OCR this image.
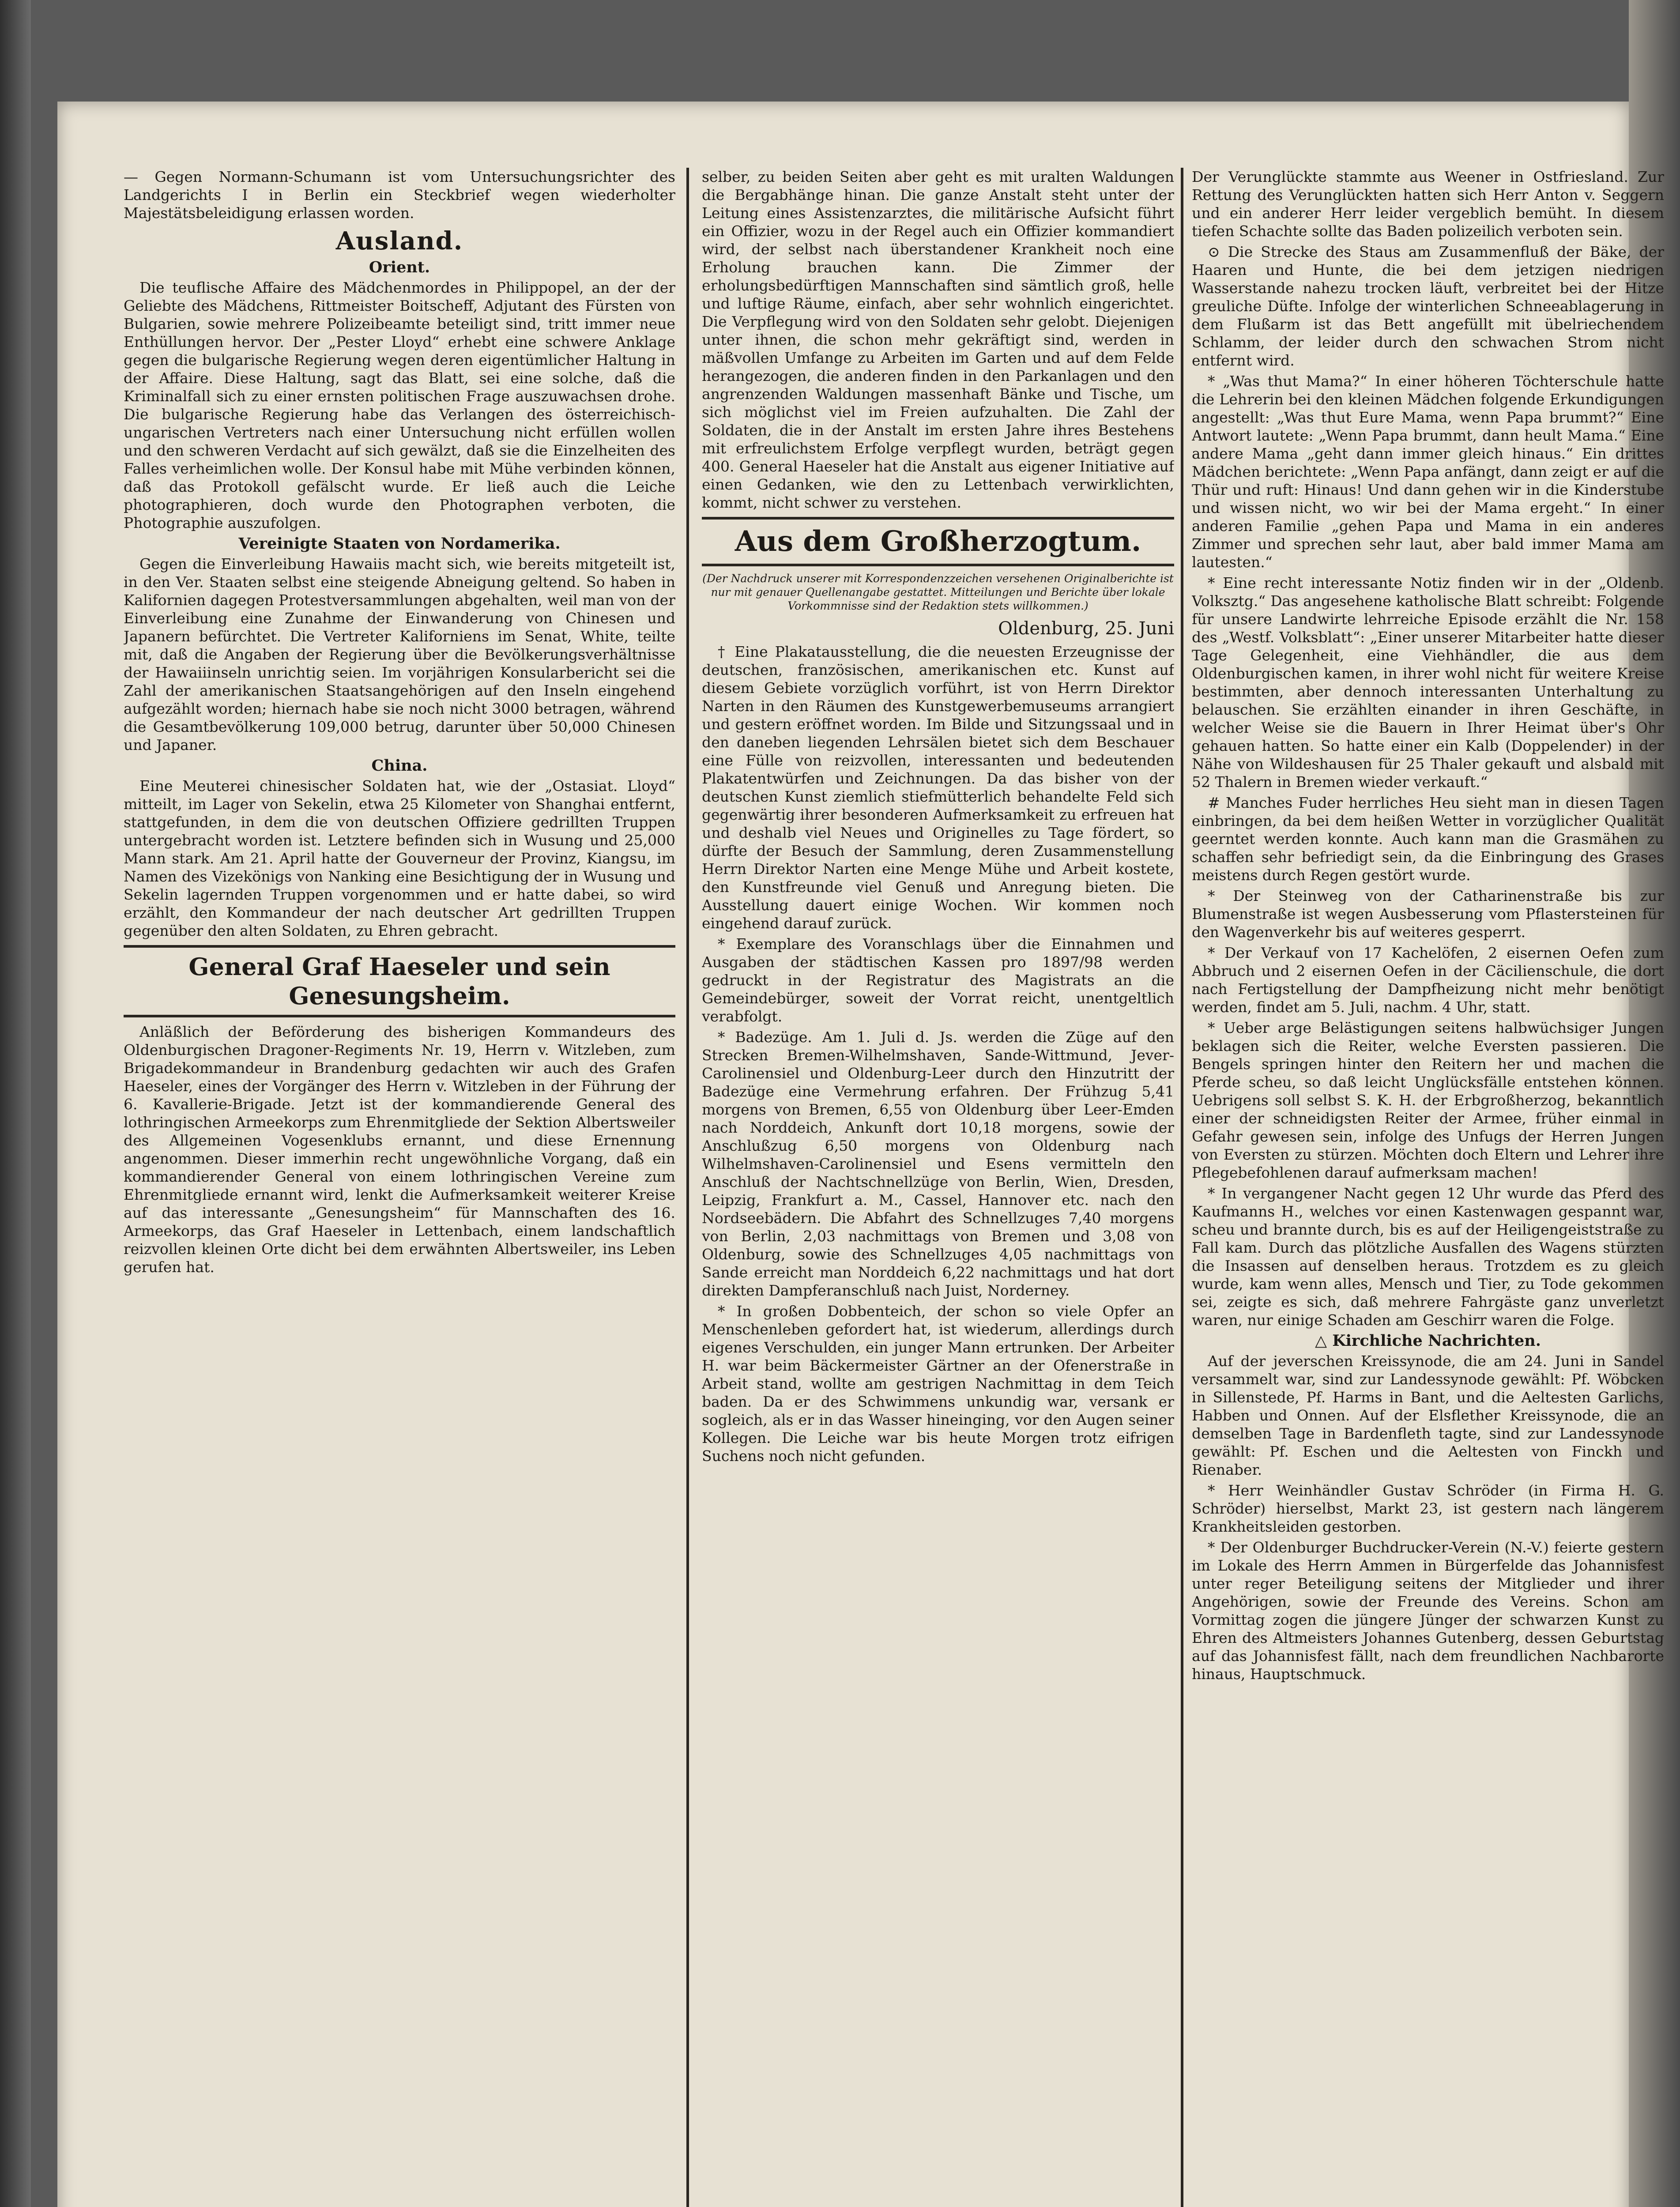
— Gegen Normann-Schumann ist vom Untersuchungsrichter des Landgerichts I in Berlin ein Steckbrief wegen wiederholter Majestätsbeleidigung erlassen worden.

Ausland.
Orient.

Die teuflische Affaire des Mädchenmordes in Philippopel, an der der Geliebte des Mädchens, Rittmeister Boitscheff, Adjutant des Fürsten von Bulgarien, sowie mehrere Polizeibeamte beteiligt sind, tritt immer neue Enthüllungen hervor. Der „Pester Lloyd“ erhebt eine schwere Anklage gegen die bulgarische Regierung wegen deren eigentümlicher Haltung in der Affaire. Diese Haltung, sagt das Blatt, sei eine solche, daß die Kriminalfall sich zu einer ernsten politischen Frage auszuwachsen drohe. Die bulgarische Regierung habe das Verlangen des österreichisch-ungarischen Vertreters nach einer Untersuchung nicht erfüllen wollen und den schweren Verdacht auf sich gewälzt, daß sie die Einzelheiten des Falles verheimlichen wolle. Der Konsul habe mit Mühe verbinden können, daß das Protokoll gefälscht wurde. Er ließ auch die Leiche photographieren, doch wurde den Photographen verboten, die Photographie auszufolgen.

Vereinigte Staaten von Nordamerika.

Gegen die Einverleibung Hawaiis macht sich, wie bereits mitgeteilt ist, in den Ver. Staaten selbst eine steigende Abneigung geltend. So haben in Kalifornien dagegen Protestversammlungen abgehalten, weil man von der Einverleibung eine Zunahme der Einwanderung von Chinesen und Japanern befürchtet. Die Vertreter Kaliforniens im Senat, White, teilte mit, daß die Angaben der Regierung über die Bevölkerungsverhältnisse der Hawaiiinseln unrichtig seien. Im vorjährigen Konsularbericht sei die Zahl der amerikanischen Staatsangehörigen auf den Inseln eingehend aufgezählt worden; hiernach habe sie noch nicht 3000 betragen, während die Gesamtbevölkerung 109,000 betrug, darunter über 50,000 Chinesen und Japaner.

China.

Eine Meuterei chinesischer Soldaten hat, wie der „Ostasiat. Lloyd“ mitteilt, im Lager von Sekelin, etwa 25 Kilometer von Shanghai entfernt, stattgefunden, in dem die von deutschen Offiziere gedrillten Truppen untergebracht worden ist. Letztere befinden sich in Wusung und 25,000 Mann stark. Am 21. April hatte der Gouverneur der Provinz, Kiangsu, im Namen des Vizekönigs von Nanking eine Besichtigung der in Wusung und Sekelin lagernden Truppen vorgenommen und er hatte dabei, so wird erzählt, den Kommandeur der nach deutscher Art gedrillten Truppen gegenüber den alten Soldaten, zu Ehren gebracht.

General Graf Haeseler und sein Genesungsheim.

Anläßlich der Beförderung des bisherigen Kommandeurs des Oldenburgischen Dragoner-Regiments Nr. 19, Herrn v. Witzleben, zum Brigadekommandeur in Brandenburg gedachten wir auch des Grafen Haeseler, eines der Vorgänger des Herrn v. Witzleben in der Führung der 6. Kavallerie-Brigade. Jetzt ist der kommandierende General des lothringischen Armeekorps zum Ehrenmitgliede der Sektion Albertsweiler des Allgemeinen Vogesenklubs ernannt, und diese Ernennung angenommen. Dieser immerhin recht ungewöhnliche Vorgang, daß ein kommandierender General von einem lothringischen Vereine zum Ehrenmitgliede ernannt wird, lenkt die Aufmerksamkeit weiterer Kreise auf das interessante „Genesungsheim“ für Mannschaften des 16. Armeekorps, das Graf Haeseler in Lettenbach, einem landschaftlich reizvollen kleinen Orte dicht bei dem erwähnten Albertsweiler, ins Leben gerufen hat.

selber, zu beiden Seiten aber geht es mit uralten Waldungen die Bergabhänge hinan. Die ganze Anstalt steht unter der Leitung eines Assistenzarztes, die militärische Aufsicht führt ein Offizier, wozu in der Regel auch ein Offizier kommandiert wird, der selbst nach überstandener Krankheit noch eine Erholung brauchen kann. Die Zimmer der erholungsbedürftigen Mannschaften sind sämtlich groß, helle und luftige Räume, einfach, aber sehr wohnlich eingerichtet. Die Verpflegung wird von den Soldaten sehr gelobt. Diejenigen unter ihnen, die schon mehr gekräftigt sind, werden in mäßvollen Umfange zu Arbeiten im Garten und auf dem Felde herangezogen, die anderen finden in den Parkanlagen und den angrenzenden Waldungen massenhaft Bänke und Tische, um sich möglichst viel im Freien aufzuhalten. Die Zahl der Soldaten, die in der Anstalt im ersten Jahre ihres Bestehens mit erfreulichstem Erfolge verpflegt wurden, beträgt gegen 400. General Haeseler hat die Anstalt aus eigener Initiative auf einen Gedanken, wie den zu Lettenbach verwirklichten, kommt, nicht schwer zu verstehen.

Aus dem Großherzogtum.
(Der Nachdruck unserer mit Korrespondenzzeichen versehenen Originalberichte ist nur mit genauer Quellenangabe gestattet. Mitteilungen und Berichte über lokale Vorkommnisse sind der Redaktion stets willkommen.)
Oldenburg, 25. Juni

† Eine Plakatausstellung, die die neuesten Erzeugnisse der deutschen, französischen, amerikanischen etc. Kunst auf diesem Gebiete vorzüglich vorführt, ist von Herrn Direktor Narten in den Räumen des Kunstgewerbemuseums arrangiert und gestern eröffnet worden. Im Bilde und Sitzungssaal und in den daneben liegenden Lehrsälen bietet sich dem Beschauer eine Fülle von reizvollen, interessanten und bedeutenden Plakatentwürfen und Zeichnungen. Da das bisher von der deutschen Kunst ziemlich stiefmütterlich behandelte Feld sich gegenwärtig ihrer besonderen Aufmerksamkeit zu erfreuen hat und deshalb viel Neues und Originelles zu Tage fördert, so dürfte der Besuch der Sammlung, deren Zusammenstellung Herrn Direktor Narten eine Menge Mühe und Arbeit kostete, den Kunstfreunde viel Genuß und Anregung bieten. Die Ausstellung dauert einige Wochen. Wir kommen noch eingehend darauf zurück.

* Exemplare des Voranschlags über die Einnahmen und Ausgaben der städtischen Kassen pro 1897/98 werden gedruckt in der Registratur des Magistrats an die Gemeindebürger, soweit der Vorrat reicht, unentgeltlich verabfolgt.

* Badezüge. Am 1. Juli d. Js. werden die Züge auf den Strecken Bremen-Wilhelmshaven, Sande-Wittmund, Jever-Carolinensiel und Oldenburg-Leer durch den Hinzutritt der Badezüge eine Vermehrung erfahren. Der Frühzug 5,41 morgens von Bremen, 6,55 von Oldenburg über Leer-Emden nach Norddeich, Ankunft dort 10,18 morgens, sowie der Anschlußzug 6,50 morgens von Oldenburg nach Wilhelmshaven-Carolinensiel und Esens vermitteln den Anschluß der Nachtschnellzüge von Berlin, Wien, Dresden, Leipzig, Frankfurt a. M., Cassel, Hannover etc. nach den Nordseebädern. Die Abfahrt des Schnellzuges 7,40 morgens von Berlin, 2,03 nachmittags von Bremen und 3,08 von Oldenburg, sowie des Schnellzuges 4,05 nachmittags von Sande erreicht man Norddeich 6,22 nachmittags und hat dort direkten Dampferanschluß nach Juist, Norderney.

* In großen Dobbenteich, der schon so viele Opfer an Menschenleben gefordert hat, ist wiederum, allerdings durch eigenes Verschulden, ein junger Mann ertrunken. Der Arbeiter H. war beim Bäckermeister Gärtner an der Ofenerstraße in Arbeit stand, wollte am gestrigen Nachmittag in dem Teich baden. Da er des Schwimmens unkundig war, versank er sogleich, als er in das Wasser hineinging, vor den Augen seiner Kollegen. Die Leiche war bis heute Morgen trotz eifrigen Suchens noch nicht gefunden.

Der Verunglückte stammte aus Weener in Ostfriesland. Zur Rettung des Verunglückten hatten sich Herr Anton v. Seggern und ein anderer Herr leider vergeblich bemüht. In diesem tiefen Schachte sollte das Baden polizeilich verboten sein.

⊙ Die Strecke des Staus am Zusammenfluß der Bäke, der Haaren und Hunte, die bei dem jetzigen niedrigen Wasserstande nahezu trocken läuft, verbreitet bei der Hitze greuliche Düfte. Infolge der winterlichen Schneeablagerung in dem Flußarm ist das Bett angefüllt mit übelriechendem Schlamm, der leider durch den schwachen Strom nicht entfernt wird.

* „Was thut Mama?“ In einer höheren Töchterschule hatte die Lehrerin bei den kleinen Mädchen folgende Erkundigungen angestellt: „Was thut Eure Mama, wenn Papa brummt?“ Eine Antwort lautete: „Wenn Papa brummt, dann heult Mama.“ Eine andere Mama „geht dann immer gleich hinaus.“ Ein drittes Mädchen berichtete: „Wenn Papa anfängt, dann zeigt er auf die Thür und ruft: Hinaus! Und dann gehen wir in die Kinderstube und wissen nicht, wo wir bei der Mama ergeht.“ In einer anderen Familie „gehen Papa und Mama in ein anderes Zimmer und sprechen sehr laut, aber bald immer Mama am lautesten.“

* Eine recht interessante Notiz finden wir in der „Oldenb. Volksztg.“ Das angesehene katholische Blatt schreibt: Folgende für unsere Landwirte lehrreiche Episode erzählt die Nr. 158 des „Westf. Volksblatt“: „Einer unserer Mitarbeiter hatte dieser Tage Gelegenheit, eine Viehhändler, die aus dem Oldenburgischen kamen, in ihrer wohl nicht für weitere Kreise bestimmten, aber dennoch interessanten Unterhaltung zu belauschen. Sie erzählten einander in ihren Geschäfte, in welcher Weise sie die Bauern in Ihrer Heimat über's Ohr gehauen hatten. So hatte einer ein Kalb (Doppelender) in der Nähe von Wildeshausen für 25 Thaler gekauft und alsbald mit 52 Thalern in Bremen wieder verkauft.“

# Manches Fuder herrliches Heu sieht man in diesen Tagen einbringen, da bei dem heißen Wetter in vorzüglicher Qualität geerntet werden konnte. Auch kann man die Grasmähen zu schaffen sehr befriedigt sein, da die Einbringung des Grases meistens durch Regen gestört wurde.

* Der Steinweg von der Catharinenstraße bis zur Blumenstraße ist wegen Ausbesserung vom Pflastersteinen für den Wagenverkehr bis auf weiteres gesperrt.

* Der Verkauf von 17 Kachelöfen, 2 eisernen Oefen zum Abbruch und 2 eisernen Oefen in der Cäcilienschule, die dort nach Fertigstellung der Dampfheizung nicht mehr benötigt werden, findet am 5. Juli, nachm. 4 Uhr, statt.

* Ueber arge Belästigungen seitens halbwüchsiger Jungen beklagen sich die Reiter, welche Eversten passieren. Die Bengels springen hinter den Reitern her und machen die Pferde scheu, so daß leicht Unglücksfälle entstehen können. Uebrigens soll selbst S. K. H. der Erbgroßherzog, bekanntlich einer der schneidigsten Reiter der Armee, früher einmal in Gefahr gewesen sein, infolge des Unfugs der Herren Jungen von Eversten zu stürzen. Möchten doch Eltern und Lehrer ihre Pflegebefohlenen darauf aufmerksam machen!

* In vergangener Nacht gegen 12 Uhr wurde das Pferd des Kaufmanns H., welches vor einen Kastenwagen gespannt war, scheu und brannte durch, bis es auf der Heiligengeiststraße zu Fall kam. Durch das plötzliche Ausfallen des Wagens stürzten die Insassen auf denselben heraus. Trotzdem es zu gleich wurde, kam wenn alles, Mensch und Tier, zu Tode gekommen sei, zeigte es sich, daß mehrere Fahrgäste ganz unverletzt waren, nur einige Schaden am Geschirr waren die Folge.

△ Kirchliche Nachrichten.

Auf der jeverschen Kreissynode, die am 24. Juni in Sandel versammelt war, sind zur Landessynode gewählt: Pf. Wöbcken in Sillenstede, Pf. Harms in Bant, und die Aeltesten Garlichs, Habben und Onnen. Auf der Elsflether Kreissynode, die an demselben Tage in Bardenfleth tagte, sind zur Landessynode gewählt: Pf. Eschen und die Aeltesten von Finckh und Rienaber.

* Herr Weinhändler Gustav Schröder (in Firma H. G. Schröder) hierselbst, Markt 23, ist gestern nach längerem Krankheitsleiden gestorben.

* Der Oldenburger Buchdrucker-Verein (N.-V.) feierte gestern im Lokale des Herrn Ammen in Bürgerfelde das Johannisfest unter reger Beteiligung seitens der Mitglieder und ihrer Angehörigen, sowie der Freunde des Vereins. Schon am Vormittag zogen die jüngere Jünger der schwarzen Kunst zu Ehren des Altmeisters Johannes Gutenberg, dessen Geburtstag auf das Johannisfest fällt, nach dem freundlichen Nachbarorte hinaus, Hauptschmuck.
